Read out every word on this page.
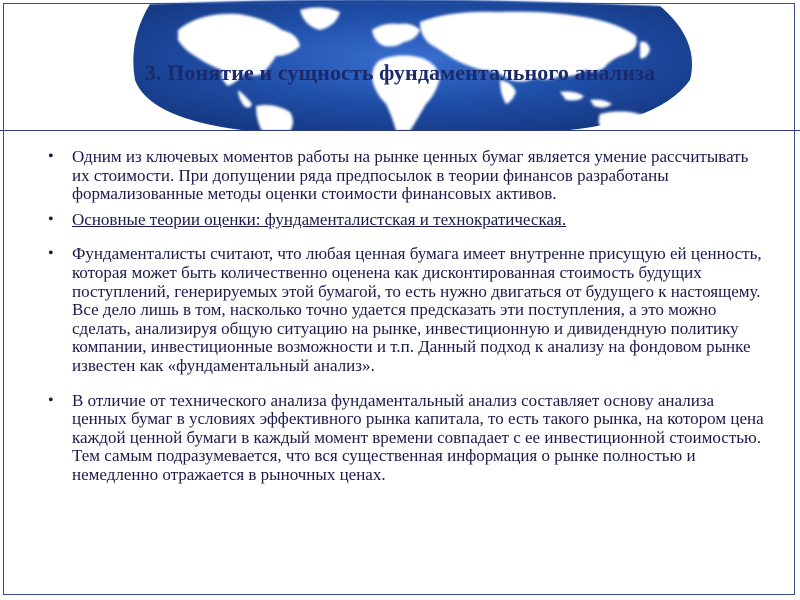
3. Понятие и сущность фундаментального анализа
• Одним из ключевых моментов работы на рынке ценных бумаг является умение рассчитывать их стоимости. При допущении ряда предпосылок в теории финансов разработаны формализованные методы оценки стоимости финансовых активов.
• Основные теории оценки: фундаменталистская и технократическая.
• Фундаменталисты считают, что любая ценная бумага имеет внутренне присущую ей ценность, которая может быть количественно оценена как дисконтированная стоимость будущих поступлений, генерируемых этой бумагой, то есть нужно двигаться от будущего к настоящему. Все дело лишь в том, насколько точно удается предсказать эти поступления, а это можно сделать, анализируя общую ситуацию на рынке, инвестиционную и дивидендную политику компании, инвестиционные возможности и т.п. Данный подход к анализу на фондовом рынке известен как «фундаментальный анализ».
• В отличие от технического анализа фундаментальный анализ составляет основу анализа ценных бумаг в условиях эффективного рынка капитала, то есть такого рынка, на котором цена каждой ценной бумаги в каждый момент времени совпадает с ее инвестиционной стоимостью. Тем самым подразумевается, что вся существенная информация о рынке полностью и немедленно отражается в рыночных ценах.
